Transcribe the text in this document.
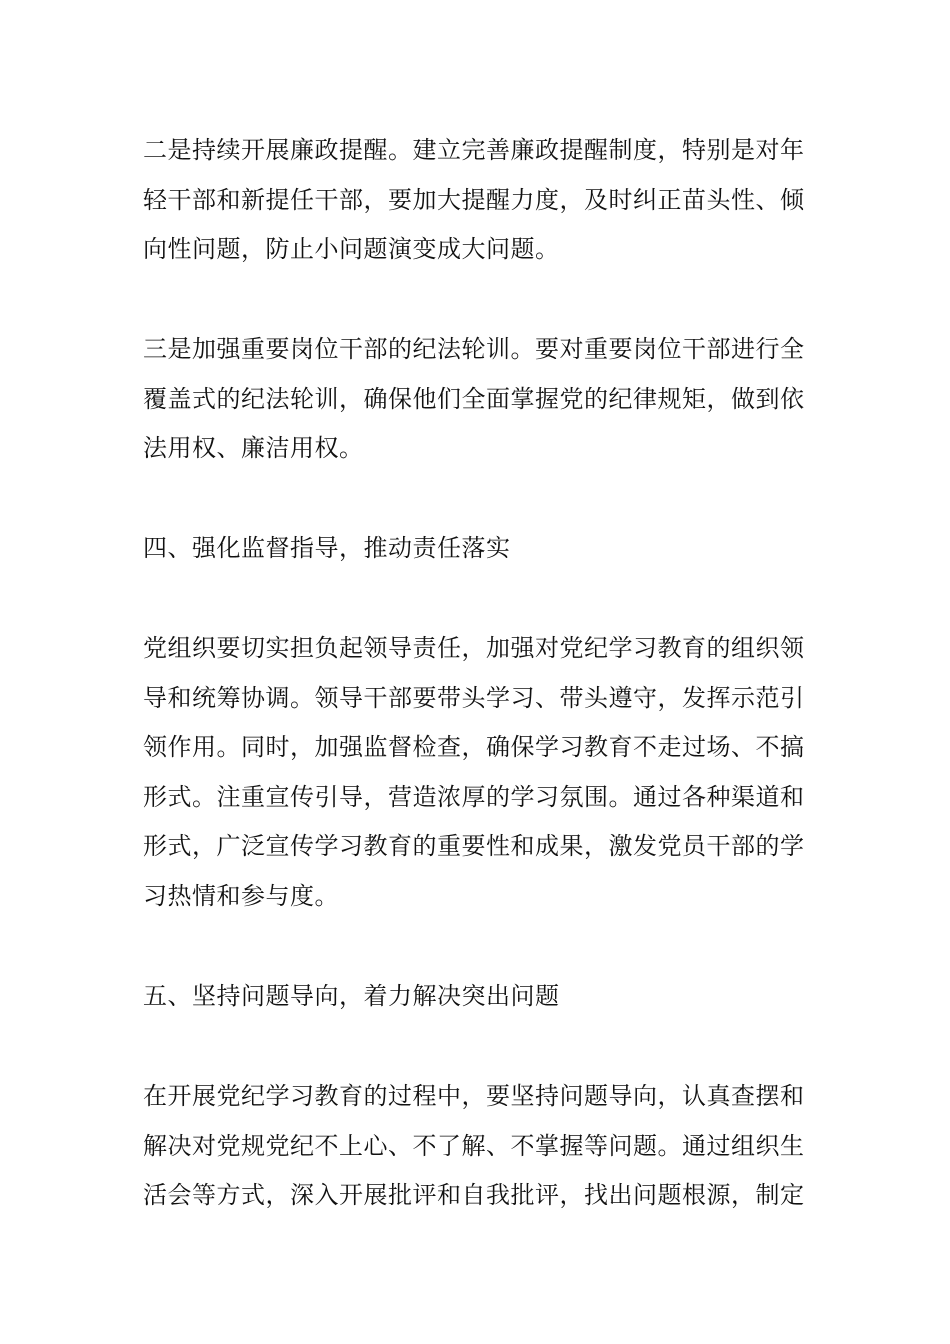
二是持续开展廉政提醒。建立完善廉政提醒制度，特别是对年
轻干部和新提任干部，要加大提醒力度，及时纠正苗头性、倾
向性问题，防止小问题演变成大问题。

三是加强重要岗位干部的纪法轮训。要对重要岗位干部进行全
覆盖式的纪法轮训，确保他们全面掌握党的纪律规矩，做到依
法用权、廉洁用权。

四、强化监督指导，推动责任落实

党组织要切实担负起领导责任，加强对党纪学习教育的组织领
导和统筹协调。领导干部要带头学习、带头遵守，发挥示范引
领作用。同时，加强监督检查，确保学习教育不走过场、不搞
形式。注重宣传引导，营造浓厚的学习氛围。通过各种渠道和
形式，广泛宣传学习教育的重要性和成果，激发党员干部的学
习热情和参与度。

五、坚持问题导向，着力解决突出问题

在开展党纪学习教育的过程中，要坚持问题导向，认真查摆和
解决对党规党纪不上心、不了解、不掌握等问题。通过组织生
活会等方式，深入开展批评和自我批评，找出问题根源，制定
